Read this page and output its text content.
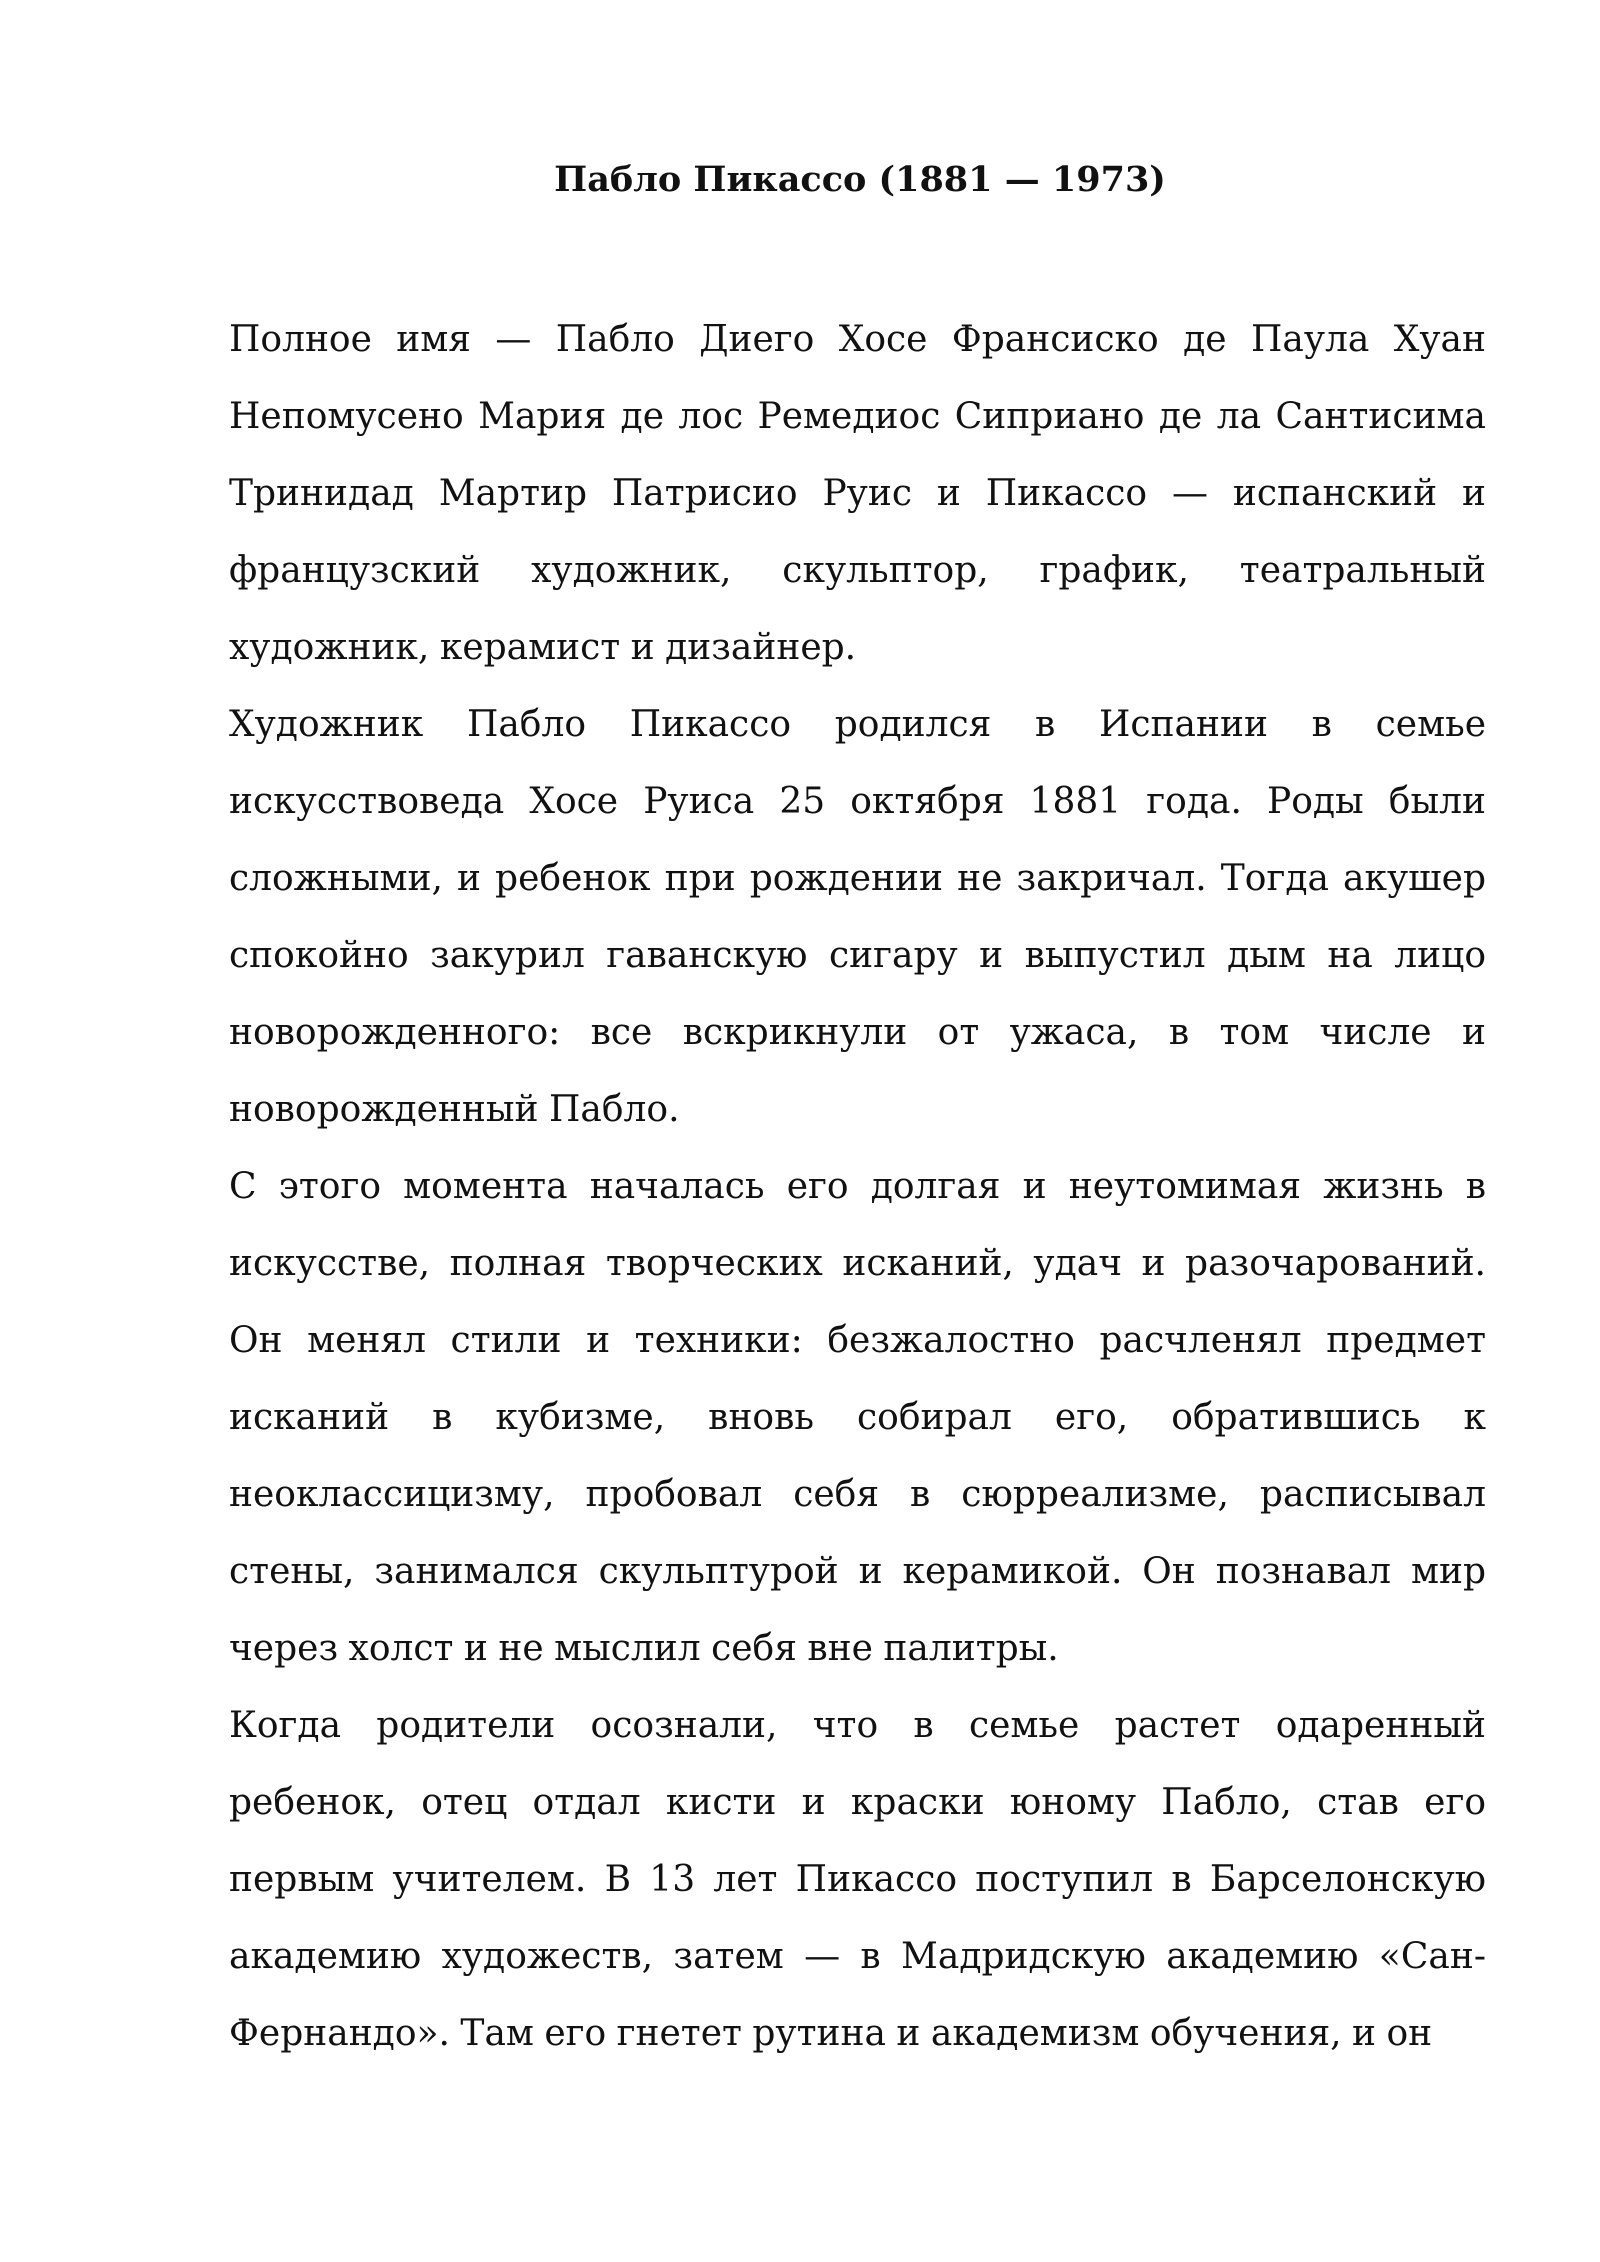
Пабло Пикассо (1881 — 1973)

Полное имя — Пабло Диего Хосе Франсиско де Паула Хуан Непомусено Мария де лос Ремедиос Сиприано де ла Сантисима Тринидад Мартир Патрисио Руис и Пикассо — испанский и французский художник, скульптор, график, театральный художник, керамист и дизайнер.

Художник Пабло Пикассо родился в Испании в семье искусствоведа Хосе Руиса 25 октября 1881 года. Роды были сложными, и ребенок при рождении не закричал. Тогда акушер спокойно закурил гаванскую сигару и выпустил дым на лицо новорожденного: все вскрикнули от ужаса, в том числе и новорожденный Пабло.

С этого момента началась его долгая и неутомимая жизнь в искусстве, полная творческих исканий, удач и разочарований. Он менял стили и техники: безжалостно расчленял предмет исканий в кубизме, вновь собирал его, обратившись к неоклассицизму, пробовал себя в сюрреализме, расписывал стены, занимался скульптурой и керамикой. Он познавал мир через холст и не мыслил себя вне палитры.

Когда родители осознали, что в семье растет одаренный ребенок, отец отдал кисти и краски юному Пабло, став его первым учителем. В 13 лет Пикассо поступил в Барселонскую академию художеств, затем — в Мадридскую академию «Сан-Фернандо». Там его гнетет рутина и академизм обучения, и он
